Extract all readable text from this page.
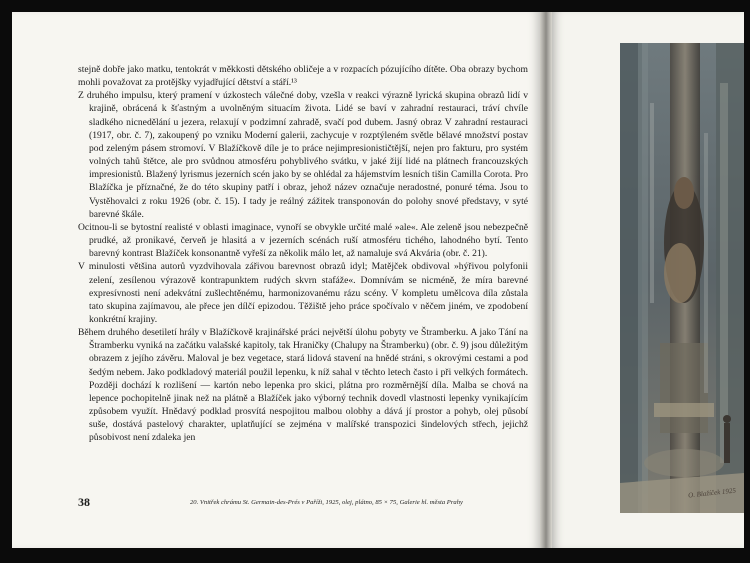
stejně dobře jako matku, tentokrát v měkkosti dětského obličeje a v rozpacích pózujícího dítěte. Oba obrazy bychom mohli považovat za protějšky vyjadřující dětství a stáří.¹³

Z druhého impulsu, který pramení v úzkostech válečné doby, vzešla v reakci výrazně lyrická skupina obrazů lidí v krajině, obrácená k šťastným a uvolněným situacím života. Lidé se baví v zahradní restauraci, tráví chvíle sladkého nicnedělání u jezera, relaxují v podzimní zahradě, svačí pod dubem. Jasný obraz V zahradní restauraci (1917, obr. č. 7), zakoupený po vzniku Moderní galerii, zachycuje v rozptýleném světle bělavé množství postav pod zeleným pásem stromoví. V Blažíčkově díle je to práce nejimpresionističtější, nejen pro fakturu, pro systém volných tahů štětce, ale pro svůdnou atmosféru pohyblivého svátku, v jaké žijí lidé na plátnech francouzských impresionistů. Blažený lyrismus jezerních scén jako by se ohlédal za hájemstvím lesních tišin Camilla Corota. Pro Blažíčka je příznačné, že do této skupiny patří i obraz, jehož název označuje neradostné, ponuré téma. Jsou to Vystěhovalci z roku 1926 (obr. č. 15). I tady je reálný zážitek transponován do polohy snové představy, v syté barevné škále.

Ocitnou-li se bytostní realisté v oblasti imaginace, vynoří se obvykle určité malé »ale«. Ale zeleně jsou nebezpečně prudké, až pronikavé, červeň je hlasitá a v jezerních scénách ruší atmosféru tichého, lahodného bytí. Tento barevný kontrast Blažíček konsonantně vyřeší za několik málo let, až namaluje svá Akvária (obr. č. 21).

V minulosti většina autorů vyzdvihovala zářivou barevnost obrazů idyl; Matějček obdivoval »hýřivou polyfonii zelení, zesílenou výrazově kontrapunktem rudých skvrn stafáže«. Domnívám se nicméně, že míra barevné expresívnosti není adekvátní zušlechtěnému, harmonizovanému rázu scény. V kompletu umělcova díla zůstala tato skupina zajímavou, ale přece jen dílčí epizodou. Těžiště jeho práce spočívalo v něčem jiném, ve zpodobení konkrétní krajiny.

Během druhého desetiletí hrály v Blažíčkově krajinářské práci největší úlohu pobyty ve Štramberku. A jako Tání na Štramberku vyniká na začátku valašské kapitoly, tak Hraničky (Chalupy na Štramberku) (obr. č. 9) jsou důležitým obrazem z jejího závěru. Maloval je bez vegetace, stará lidová stavení na hnědé stráni, s okrovými cestami a pod šedým nebem. Jako podkladový materiál použil lepenku, k níž sahal v těchto letech často i při velkých formátech. Později dochází k rozlišení — kartón nebo lepenka pro skici, plátna pro rozměrnější díla. Malba se chová na lepence pochopitelně jinak než na plátně a Blažíček jako výborný technik dovedl vlastnosti lepenky vynikajícím způsobem využít. Hnědavý podklad prosvítá nespojitou malbou olobhy a dává jí prostor a pohyb, olej působí suše, dostává pastelový charakter, uplatňující se zejména v malířské transpozici šindelových střech, jejichž působivost není zdaleka jen

38	20. Vnitřek chrámu St. Germain-des-Prés v Paříži, 1925, olej, plátno, 85 × 75, Galerie hl. města Prahy
O. Blažíček 1925
